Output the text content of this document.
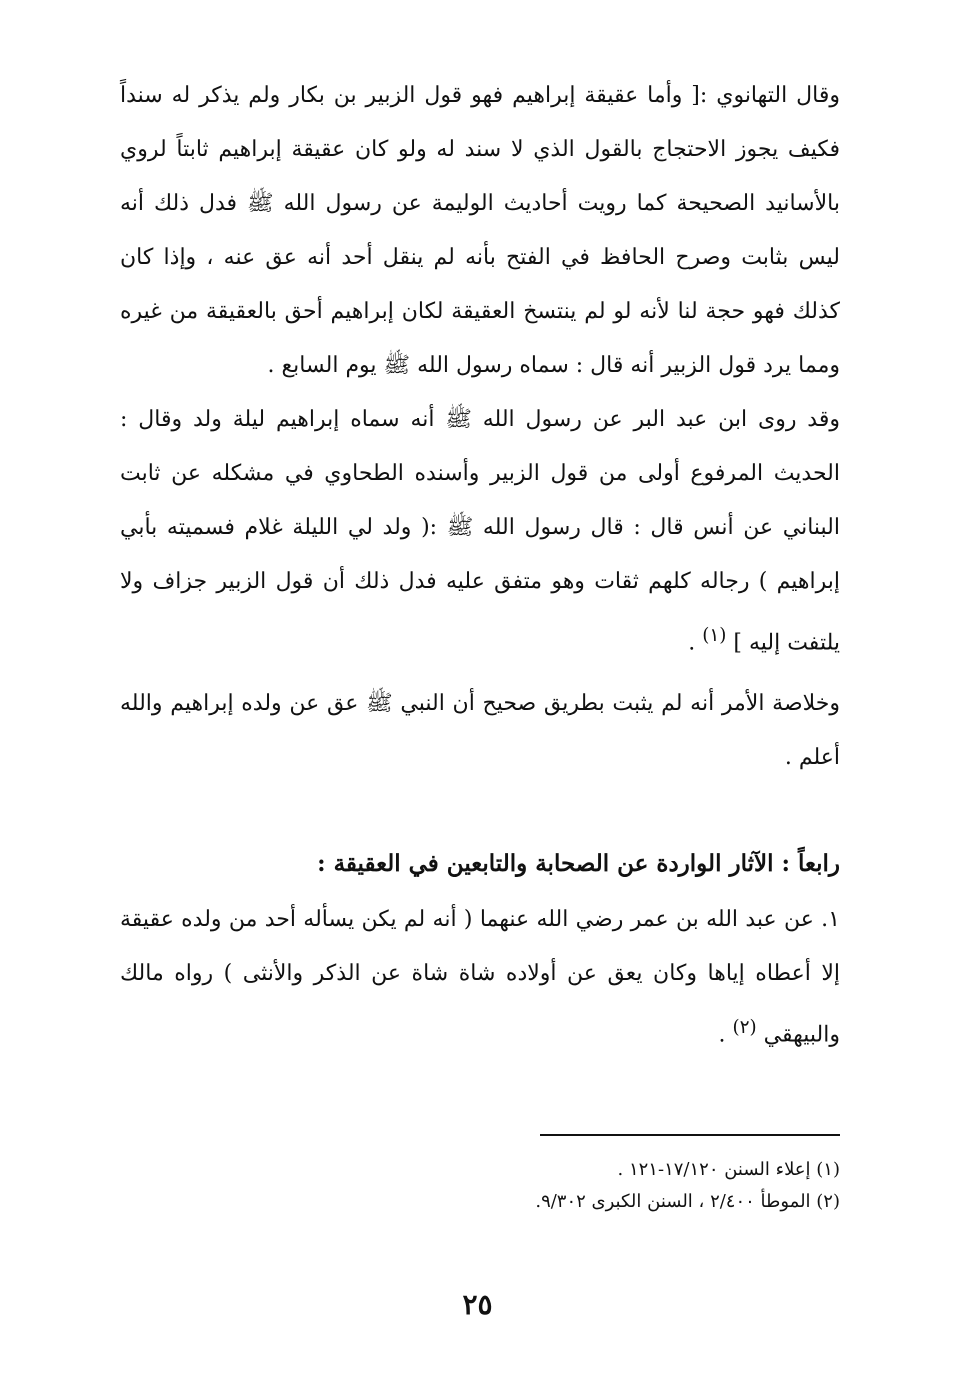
وقال التهانوي :[ وأما عقيقة إبراهيم فهو قول الزبير بن بكار ولم يذكر له سنداً فكيف يجوز الاحتجاج بالقول الذي لا سند له ولو كان عقيقة إبراهيم ثابتاً لروي بالأسانيد الصحيحة كما رويت أحاديث الوليمة عن رسول الله ﷺ فدل ذلك أنه ليس بثابت وصرح الحافظ في الفتح بأنه لم ينقل أحد أنه عق عنه ، وإذا كان كذلك فهو حجة لنا لأنه لو لم ينتسخ العقيقة لكان إبراهيم أحق بالعقيقة من غيره ومما يرد قول الزبير أنه قال : سماه رسول الله ﷺ يوم السابع .
وقد روى ابن عبد البر عن رسول الله ﷺ أنه سماه إبراهيم ليلة ولد وقال : الحديث المرفوع أولى من قول الزبير وأسنده الطحاوي في مشكله عن ثابت البناني عن أنس قال : قال رسول الله ﷺ :( ولد لي الليلة غلام فسميته بأبي إبراهيم ) رجاله كلهم ثقات وهو متفق عليه فدل ذلك أن قول الزبير جزاف ولا يلتفت إليه ] $^{(١)}$ .
وخلاصة الأمر أنه لم يثبت بطريق صحيح أن النبي ﷺ عق عن ولده إبراهيم والله أعلم .
رابعاً : الآثار الواردة عن الصحابة والتابعين في العقيقة :
١. عن عبد الله بن عمر رضي الله عنهما ( أنه لم يكن يسأله أحد من ولده عقيقة إلا أعطاه إياها وكان يعق عن أولاده شاة شاة عن الذكر والأنثى ) رواه مالك والبيهقي $^{(٢)}$ .
(١) إعلاء السنن ١٧/١٢٠-١٢١ .
(٢) الموطأ ٢/٤٠٠ ، السنن الكبرى ٩/٣٠٢.
٢٥
